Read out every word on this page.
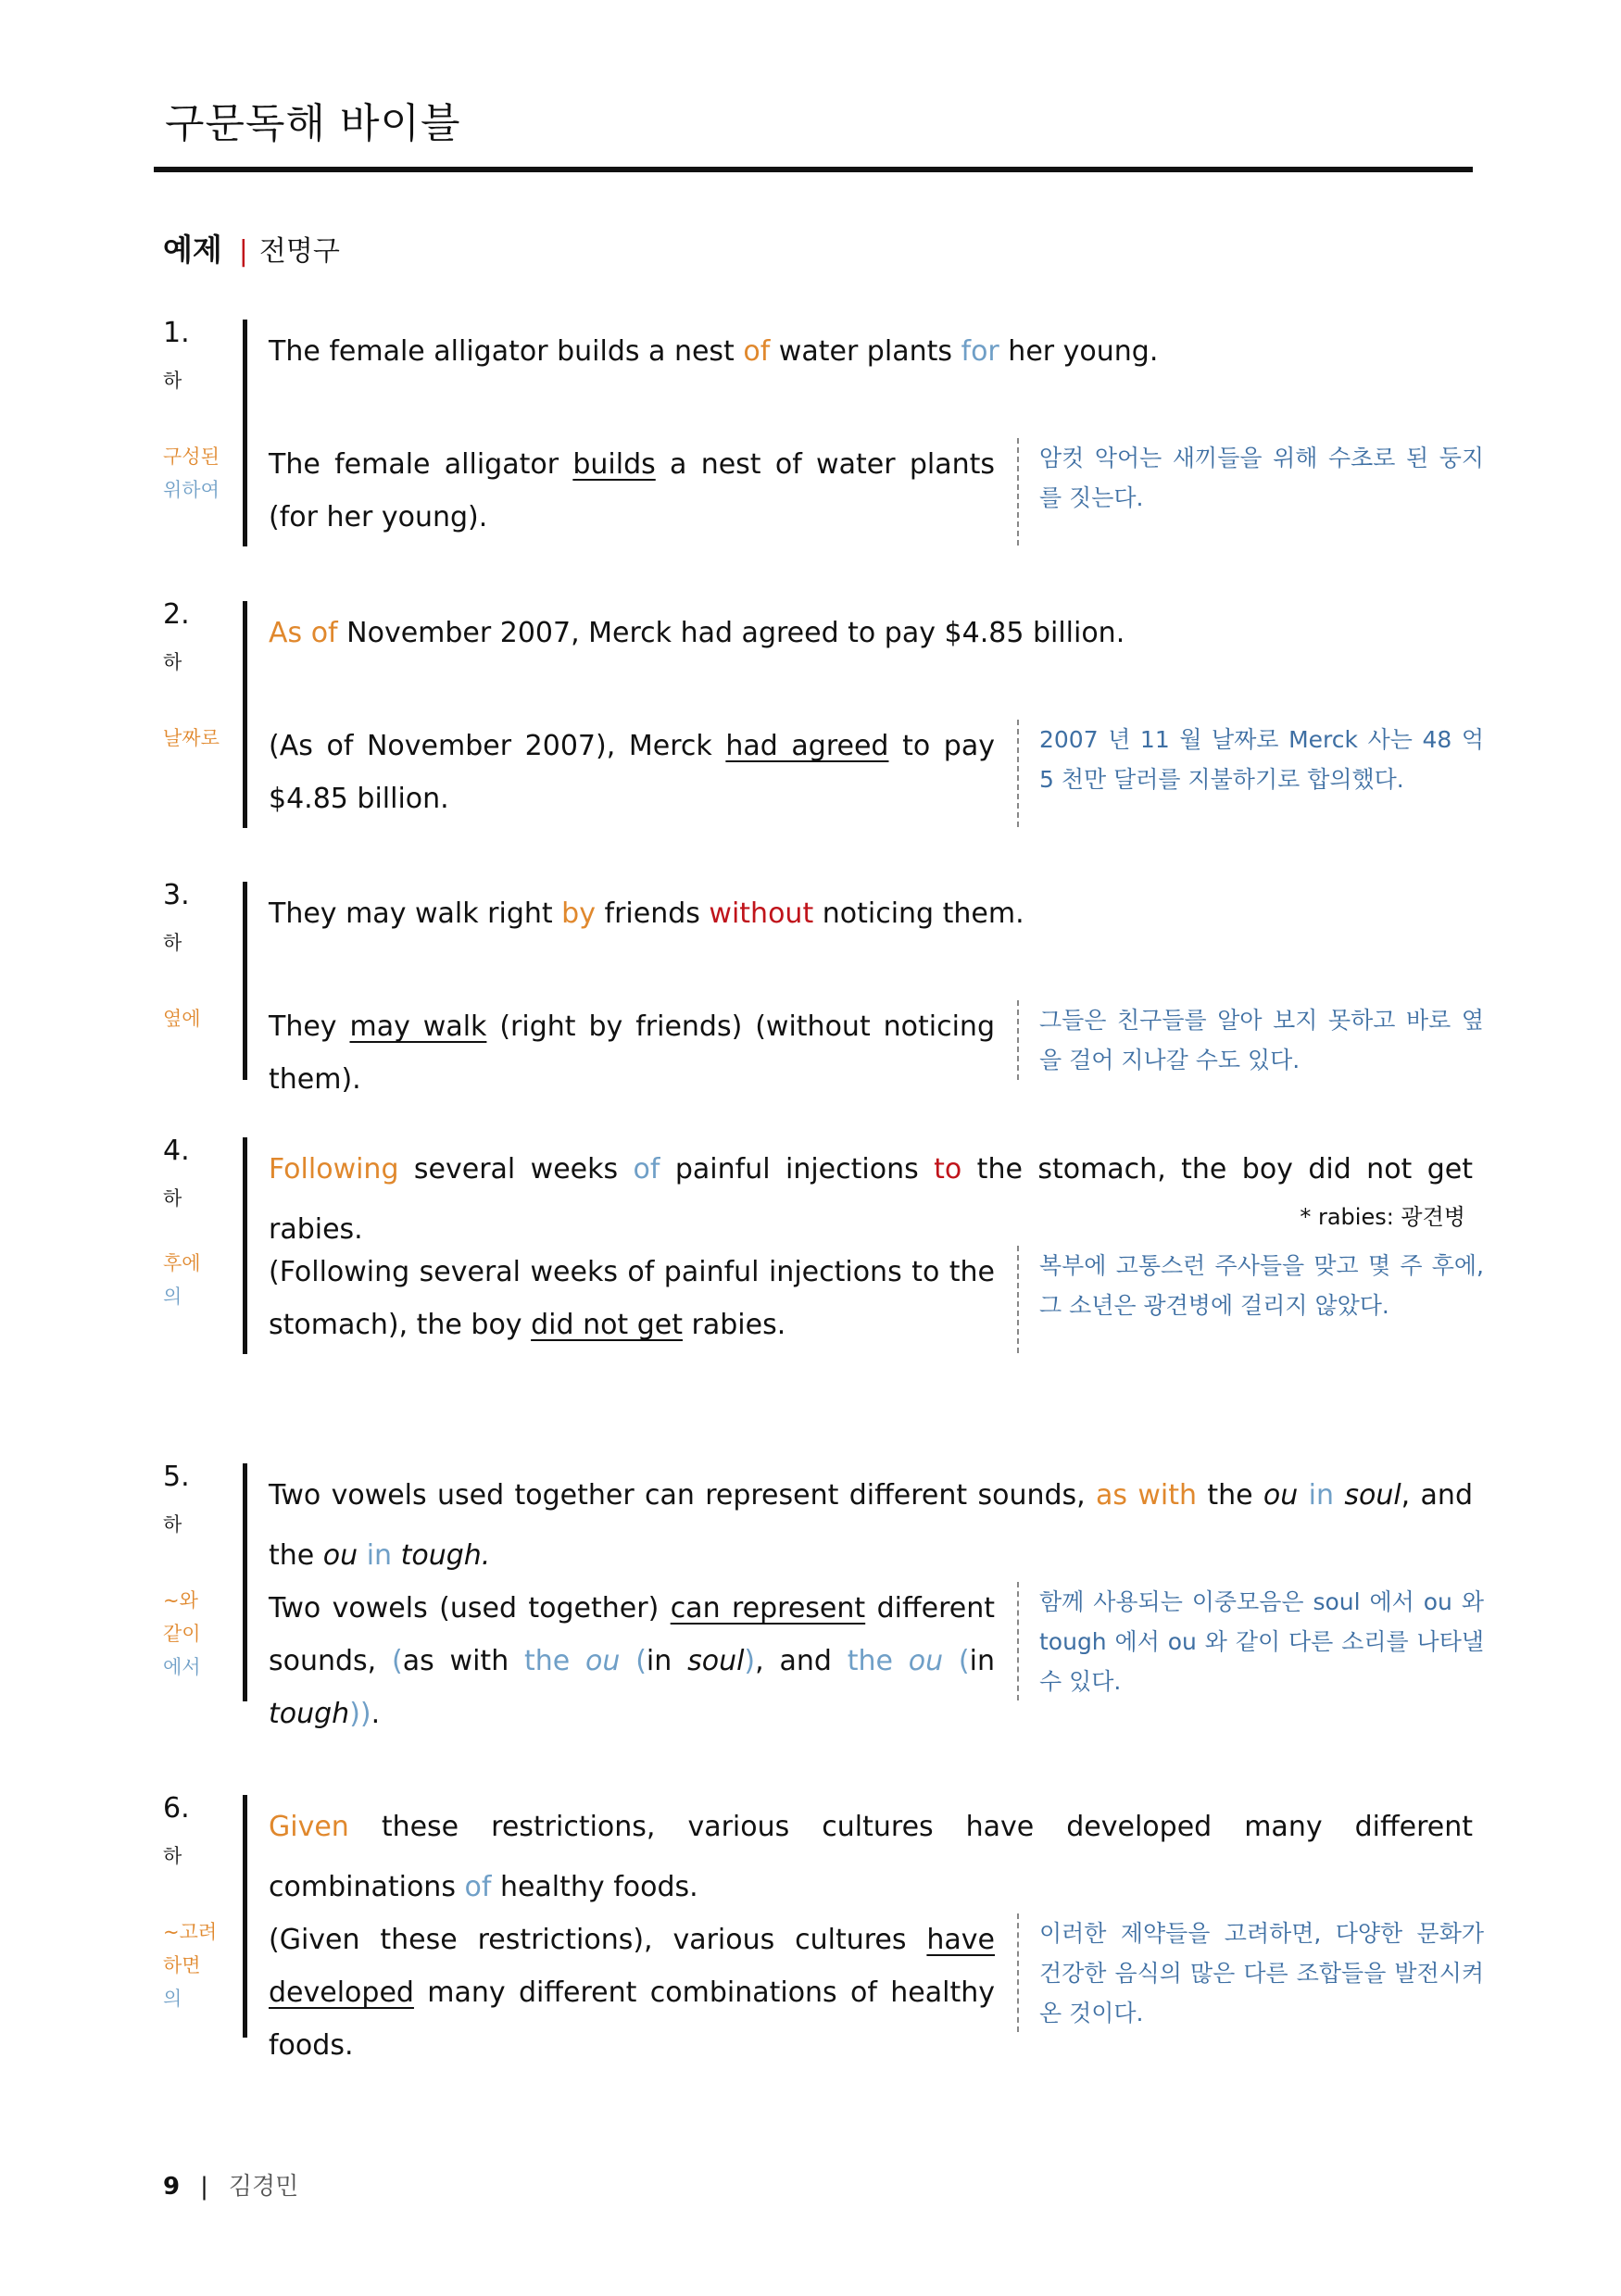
구문독해 바이블
예제 | 전명구
1.
하
구성된
위하여
The female alligator builds a nest of water plants for her young.
The female alligator builds a nest of water plants (for her young).
암컷 악어는 새끼들을 위해 수초로 된 둥지를 짓는다.
2.
하
날짜로
As of November 2007, Merck had agreed to pay $4.85 billion.
(As of November 2007), Merck had agreed to pay $4.85 billion.
2007 년 11 월 날짜로 Merck 사는 48 억 5 천만 달러를 지불하기로 합의했다.
3.
하
옆에
They may walk right by friends without noticing them.
They may walk (right by friends) (without noticing them).
그들은 친구들를 알아 보지 못하고 바로 옆을 걸어 지나갈 수도 있다.
4.
하
후에
의
Following several weeks of painful injections to the stomach, the boy did not get rabies.	* rabies: 광견병
(Following several weeks of painful injections to the stomach), the boy did not get rabies.
복부에 고통스런 주사들을 맞고 몇 주 후에, 그 소년은 광견병에 걸리지 않았다.
5.
하
~와
같이
에서
Two vowels used together can represent different sounds, as with the ou in soul, and the ou in tough.
Two vowels (used together) can represent different sounds, (as with the ou (in soul), and the ou (in tough)).
함께 사용되는 이중모음은 soul 에서 ou 와 tough 에서 ou 와 같이 다른 소리를 나타낼 수 있다.
6.
하
~고려
하면
의
Given these restrictions, various cultures have developed many different combinations of healthy foods.
(Given these restrictions), various cultures have developed many different combinations of healthy foods.
이러한 제약들을 고려하면, 다양한 문화가 건강한 음식의 많은 다른 조합들을 발전시켜 온 것이다.
9 | 김경민
